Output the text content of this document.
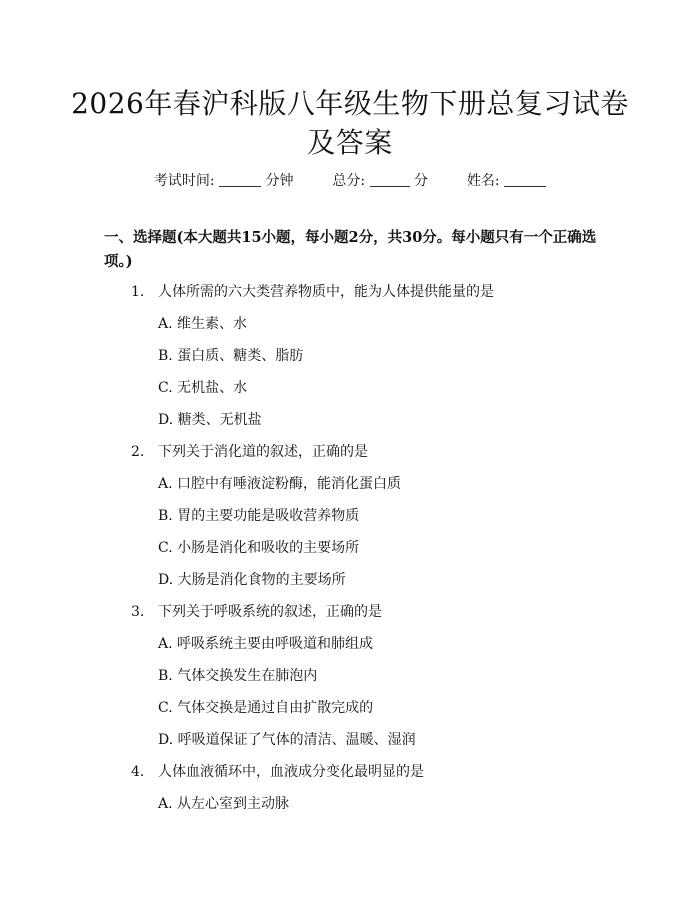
2026年春沪科版八年级生物下册总复习试卷
及答案
考试时间:	分钟	总分:	分	姓名:
一、选择题(本大题共15小题，每小题2分，共30分。每小题只有一个正确选项。)
1. 人体所需的六大类营养物质中，能为人体提供能量的是
A. 维生素、水
B. 蛋白质、糖类、脂肪
C. 无机盐、水
D. 糖类、无机盐
2. 下列关于消化道的叙述，正确的是
A. 口腔中有唾液淀粉酶，能消化蛋白质
B. 胃的主要功能是吸收营养物质
C. 小肠是消化和吸收的主要场所
D. 大肠是消化食物的主要场所
3. 下列关于呼吸系统的叙述，正确的是
A. 呼吸系统主要由呼吸道和肺组成
B. 气体交换发生在肺泡内
C. 气体交换是通过自由扩散完成的
D. 呼吸道保证了气体的清洁、温暖、湿润
4. 人体血液循环中，血液成分变化最明显的是
A. 从左心室到主动脉
